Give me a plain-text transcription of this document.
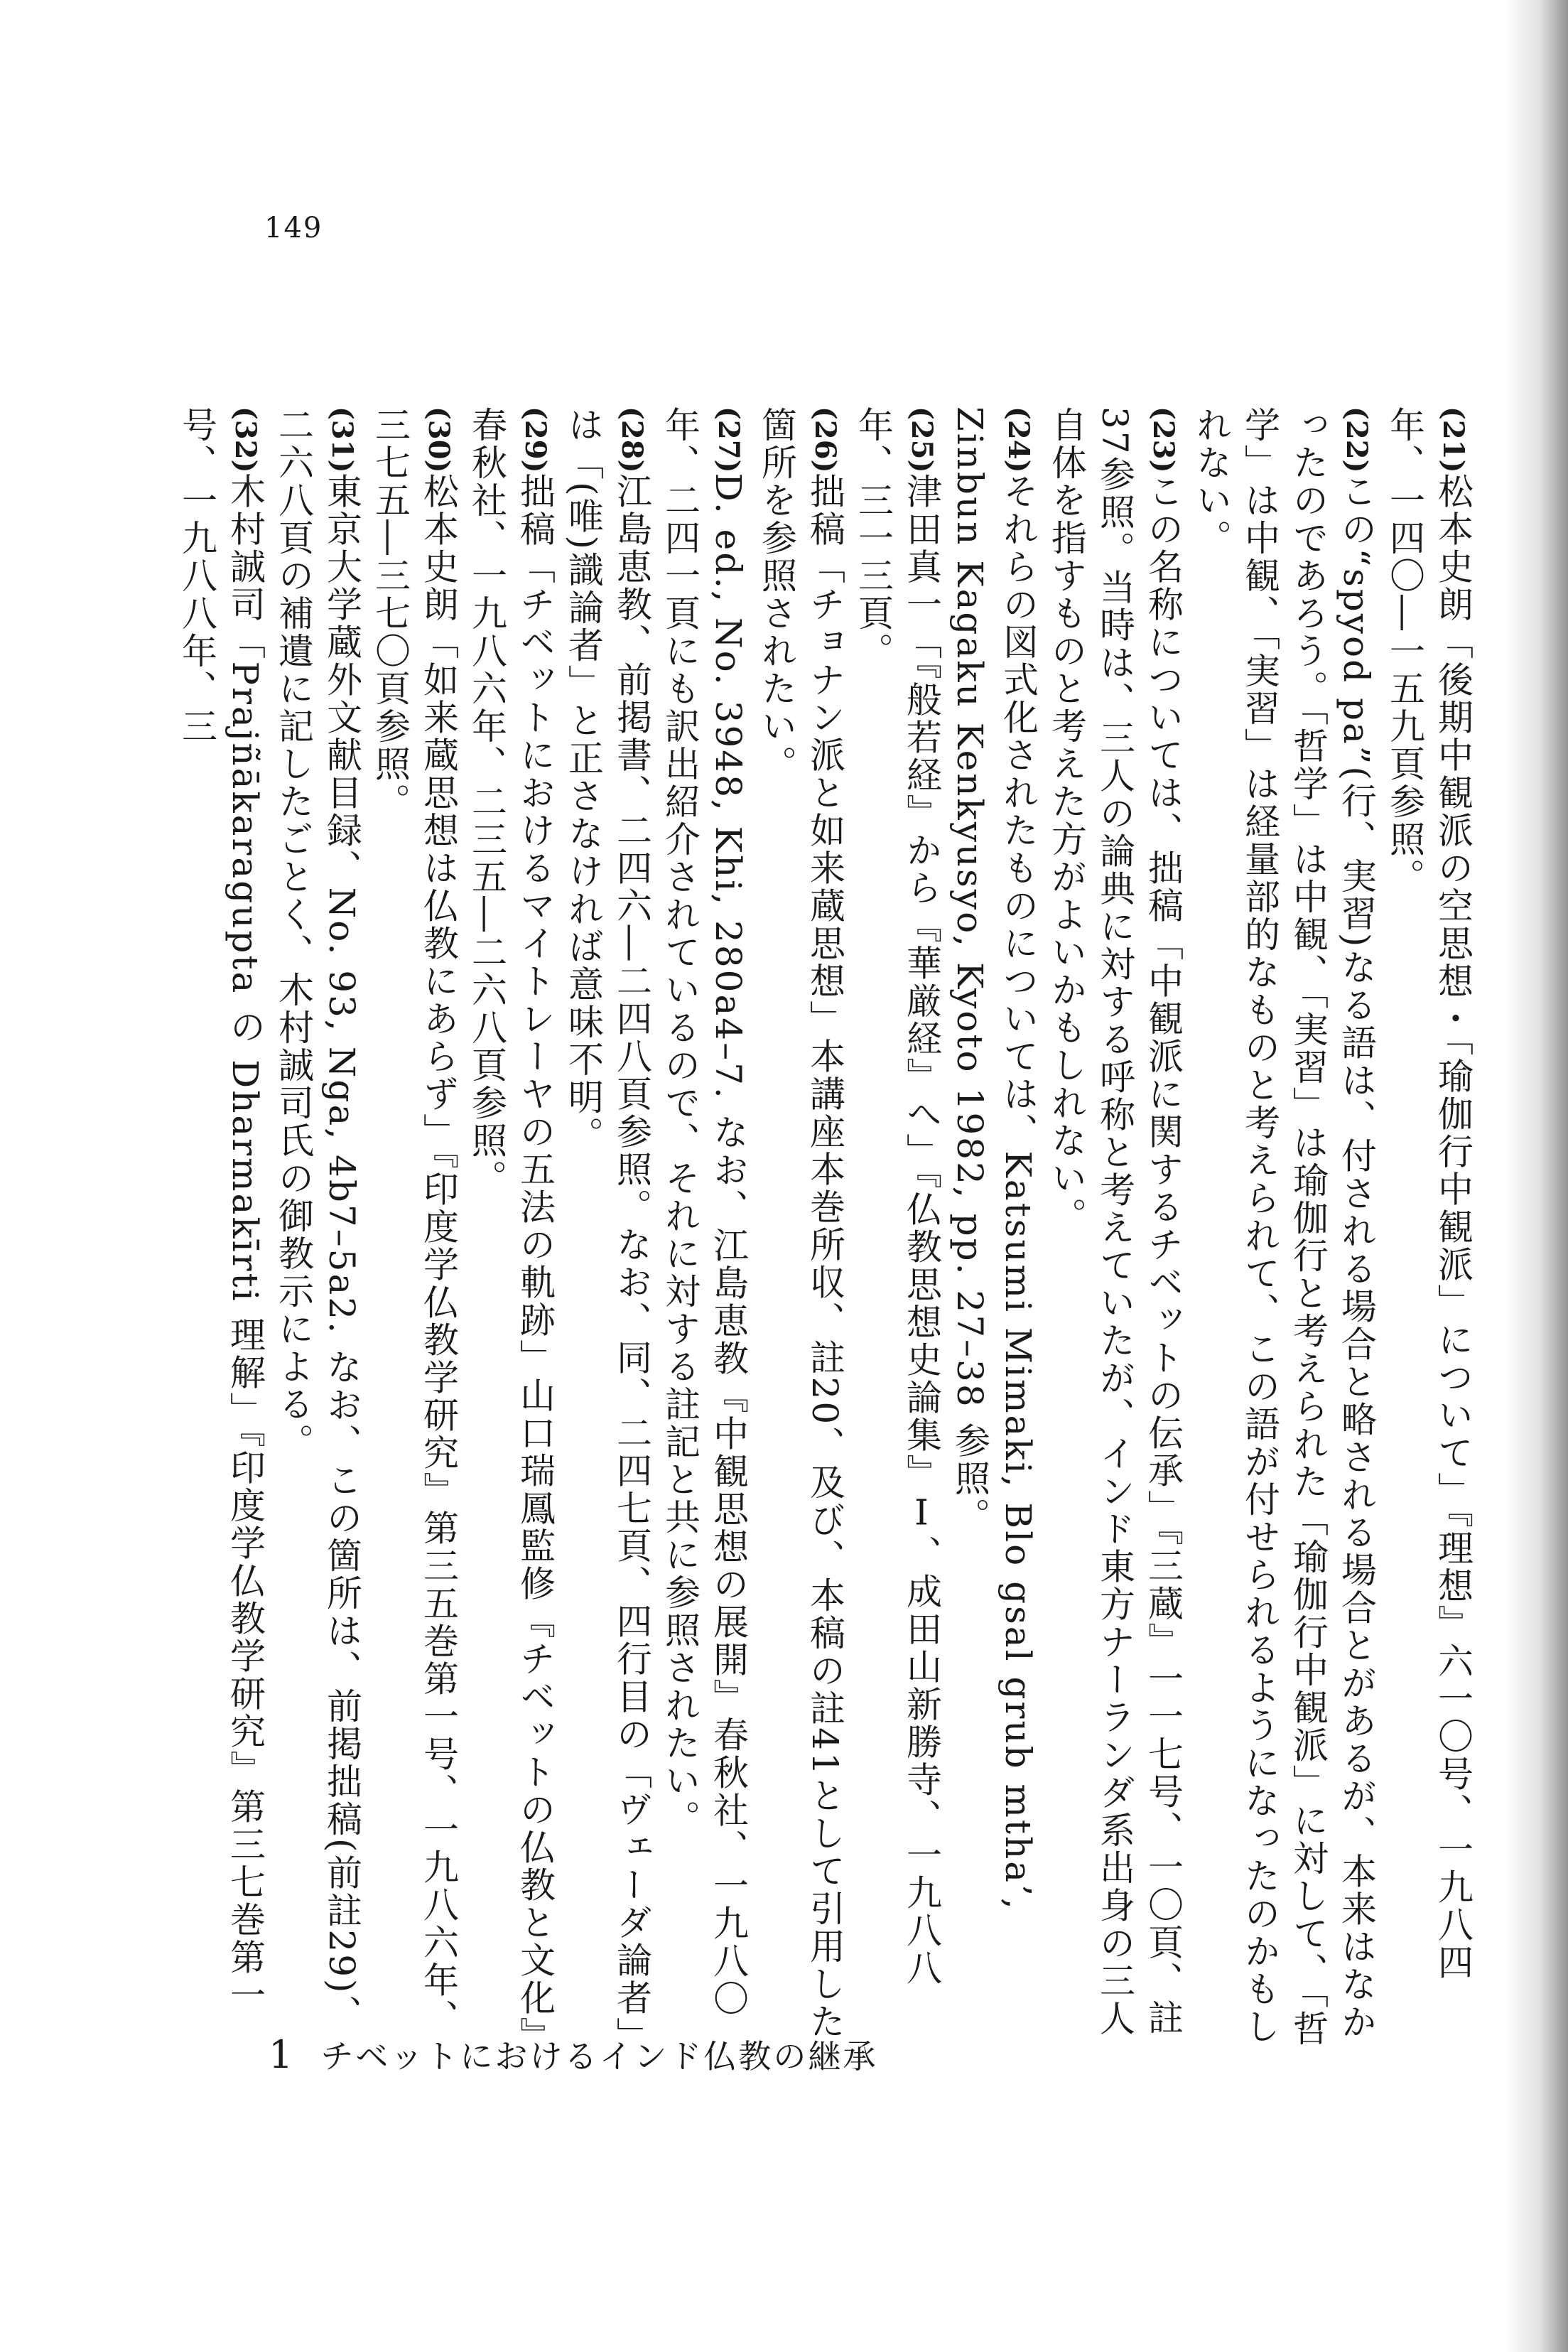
149
(21)松本史朗「後期中観派の空思想・「瑜伽行中観派」について」『理想』六一〇号、一九八四年、一四〇―一五九頁参照。
(22)この“spyod pa”(行、実習)なる語は、付される場合と略される場合とがあるが、本来はなかったのであろう。「哲学」は中観、「実習」は瑜伽行と考えられた「瑜伽行中観派」に対して、「哲学」は中観、「実習」は経量部的なものと考えられて、この語が付せられるようになったのかもしれない。
(23)この名称については、拙稿「中観派に関するチベットの伝承」『三蔵』一一七号、一〇頁、註37参照。当時は、三人の論典に対する呼称と考えていたが、インド東方ナーランダ系出身の三人自体を指すものと考えた方がよいかもしれない。
(24)それらの図式化されたものについては、Katsumi Mimaki, Blo gsal grub mtha’, Zinbun Kagaku Kenkyusyo, Kyoto 1982, pp. 27–38 参照。
(25)津田真一「『般若経』から『華厳経』へ」『仏教思想史論集』Ⅰ、成田山新勝寺、一九八八年、三一三頁。
(26)拙稿「チョナン派と如来蔵思想」本講座本巻所収、註20、及び、本稿の註41として引用した箇所を参照されたい。
(27)D. ed., No. 3948, Khi, 280a4–7. なお、江島恵教『中観思想の展開』春秋社、一九八〇年、二四一頁にも訳出紹介されているので、それに対する註記と共に参照されたい。
(28)江島恵教、前掲書、二四六―二四八頁参照。なお、同、二四七頁、四行目の「ヴェーダ論者」は「(唯)識論者」と正さなければ意味不明。
(29)拙稿「チベットにおけるマイトレーヤの五法の軌跡」山口瑞鳳監修『チベットの仏教と文化』春秋社、一九八六年、二三五―二六八頁参照。
(30)松本史朗「如来蔵思想は仏教にあらず」『印度学仏教学研究』第三五巻第一号、一九八六年、三七五―三七〇頁参照。
(31)東京大学蔵外文献目録、No. 93, Nga, 4b7–5a2. なお、この箇所は、前掲拙稿(前註29)、二六八頁の補遺に記したごとく、木村誠司氏の御教示による。
(32)木村誠司「Prajñākaragupta の Dharmakīrti 理解」『印度学仏教学研究』第三七巻第一号、一九八八年、三
1 チベットにおけるインド仏教の継承
